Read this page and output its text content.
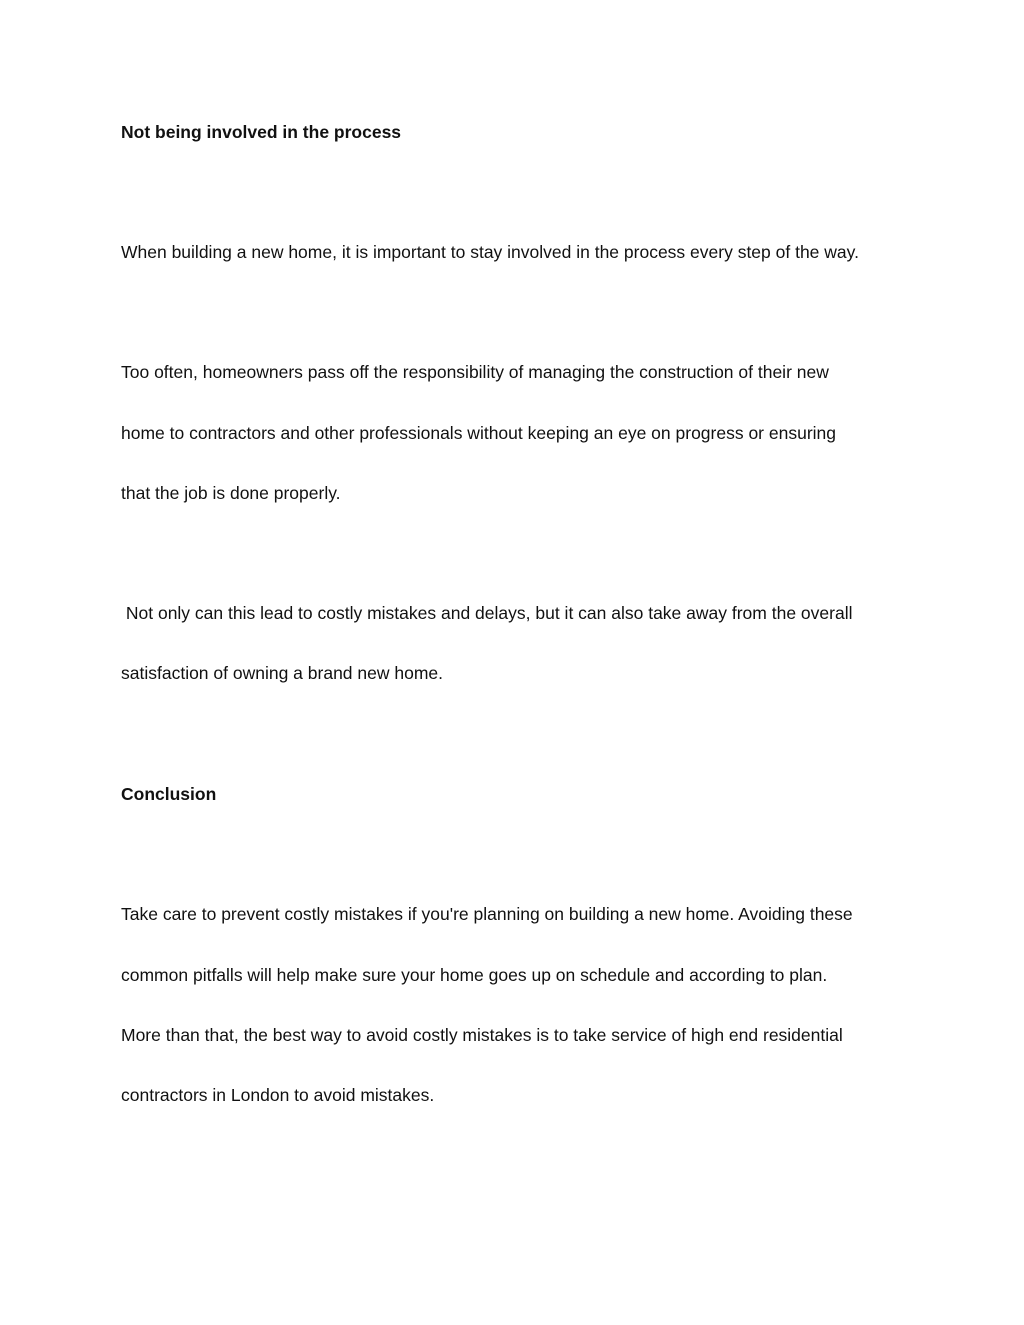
Not being involved in the process

When building a new home, it is important to stay involved in the process every step of the way.

Too often, homeowners pass off the responsibility of managing the construction of their new

home to contractors and other professionals without keeping an eye on progress or ensuring

that the job is done properly.

Not only can this lead to costly mistakes and delays, but it can also take away from the overall

satisfaction of owning a brand new home.

Conclusion

Take care to prevent costly mistakes if you're planning on building a new home. Avoiding these

common pitfalls will help make sure your home goes up on schedule and according to plan.

More than that, the best way to avoid costly mistakes is to take service of high end residential

contractors in London to avoid mistakes.
